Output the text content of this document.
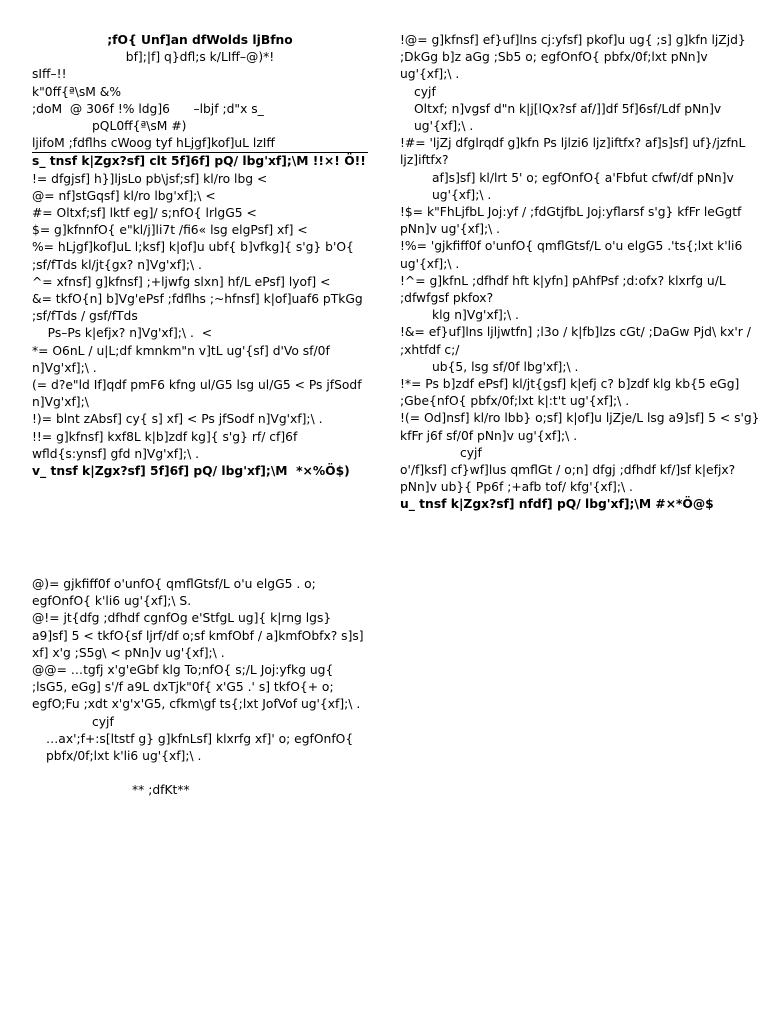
;fO{ Unf]an dfWolds ljBfno
bf];|f] q}dfl;s k/LIff–@)*!
sIff–!!
k"0ff{ª\sM &%
;doM  @ 306f !% ldg]6      –lbjf ;d"x s_
pQL0ff{ª\sM #)
ljifoM ;fdflhs cWoog tyf hLjgf]kof]uL lzIff
s_ tnsf k|Zgx?sf] clt 5f]6f] pQ/ lbg'xf];\M !!×! Ö!!
!= dfgjsf] h}]ljsLo pb\jsf;sf] kl/ro lbg <
@= nf]stGqsf] kl/ro lbg'xf];\ <
#= Oltxf;sf] lktf eg]/ s;nfO{ lrlgG5 <
$= g]kfnnfO{ e"kl/j]li7t /fi6« lsg elgPsf] xf] <
%= hLjgf]kof]uL l;ksf] k|of]u ubf{ b]vfkg]{ s'g} b'O{ ;sf/fTds kl/jt{gx? n]Vg'xf];\ .
^= xfnsf] g]kfnsf] ;+ljwfg slxn] hf/L ePsf] lyof] <
&= tkfO{n] b]Vg'ePsf ;fdflhs ;~hfnsf] k|of]uaf6 pTkGg ;sf/fTds / gsf/fTds
Ps–Ps k|efjx? n]Vg'xf];\ .  <
*= O6nL / u|L;df kmnkm"n v]tL ug'{sf] d'Vo sf/0f n]Vg'xf];\ .
(= d?e"ld If]qdf pmF6 kfng ul/G5 lsg ul/G5 < Ps jfSodf n]Vg'xf];\
!)= blnt zAbsf] cy{ s] xf] < Ps jfSodf n]Vg'xf];\ .
!!= g]kfnsf] kxf8L k|b]zdf kg]{ s'g} rf/ cf]6f wfld{s:ynsf] gfd n]Vg'xf];\ .
v_ tnsf k|Zgx?sf] 5f]6f] pQ/ lbg'xf];\M  *×%Ö$)
@)= gjkfiff0f o'unfO{ qmflGtsf/L o'u elgG5 . o; egfOnfO{ k'li6 ug'{xf];\ S.
@!= jt{dfg ;dfhdf cgnfOg e'StfgL ug]{ k|rng lgs} a9]sf] 5 < tkfO{sf ljrf/df o;sf kmfObf / a]kmfObfx? s]s] xf] x'g ;S5g\ < pNn]v ug'{xf];\ .
@@= …tgfj x'g'eGbf klg To;nfO{ s;/L Joj:yfkg ug{ ;lsG5, eGg] s'/f a9L dxTjk"0f{ x'G5 .' s] tkfO{+ o; egfO;Fu ;xdt x'g'x'G5, cfkm\gf ts{;lxt JofVof ug'{xf];\ .
cyjf
…ax';f+:s[ltstf g} g]kfnLsf] klxrfg xf]' o; egfOnfO{ pbfx/0f;lxt k'li6 ug'{xf];\ .
** ;dfKt**
!@= g]kfnsf] ef}uf]lns cj:yfsf] pkof]u ug{ ;s] g]kfn ljZjd} ;DkGg b]z aGg ;Sb5 o; egfOnfO{ pbfx/0f;lxt pNn]v ug'{xf];\ .
cyjf
Oltxf; n]vgsf d"n k|j[lQx?sf af/]]df 5f]6sf/Ldf pNn]v ug'{xf];\ .
!#= 'ljZj dfglrqdf g]kfn Ps ljlzi6 ljz]iftfx? af]s]sf] uf}/jzfnL ljz]iftfx?
af]s]sf] kl/lrt 5' o; egfOnfO{ a'Fbfut cfwf/df pNn]v ug'{xf];\ .
!$= k"FhLjfbL Joj:yf / ;fdGtjfbL Joj:yflarsf s'g} kfFr leGgtf pNn]v ug'{xf];\ .
!%= 'gjkfiff0f o'unfO{ qmflGtsf/L o'u elgG5 .'ts{;lxt k'li6 ug'{xf];\ .
!^= g]kfnL ;dfhdf hft k|yfn] pAhfPsf ;d:ofx? klxrfg u/L ;dfwfgsf pkfox?
klg n]Vg'xf];\ .
!&= ef}uf]lns ljljwtfn] ;l3o / k|fb]lzs cGt/ ;DaGw Pjd\ kx'r / ;xhtfdf c;/
ub{5, lsg sf/0f lbg'xf];\ .
!*= Ps b]zdf ePsf] kl/jt{gsf] k|efj c? b]zdf klg kb{5 eGg] ;Gbe{nfO{ pbfx/0f;lxt k|:t't ug'{xf];\ .
!(= Od]nsf] kl/ro lbb} o;sf] k|of]u ljZje/L lsg a9]sf] 5 < s'g} kfFr j6f sf/0f pNn]v ug'{xf];\ .
cyjf
o'/f]ksf] cf}wf]lus qmflGt / o;n] dfgj ;dfhdf kf/]sf k|efjx? pNn]v ub}{ Pp6f ;+afb tof/ kfg'{xf];\ .
u_ tnsf k|Zgx?sf] nfdf] pQ/ lbg'xf];\M #×*Ö@$
